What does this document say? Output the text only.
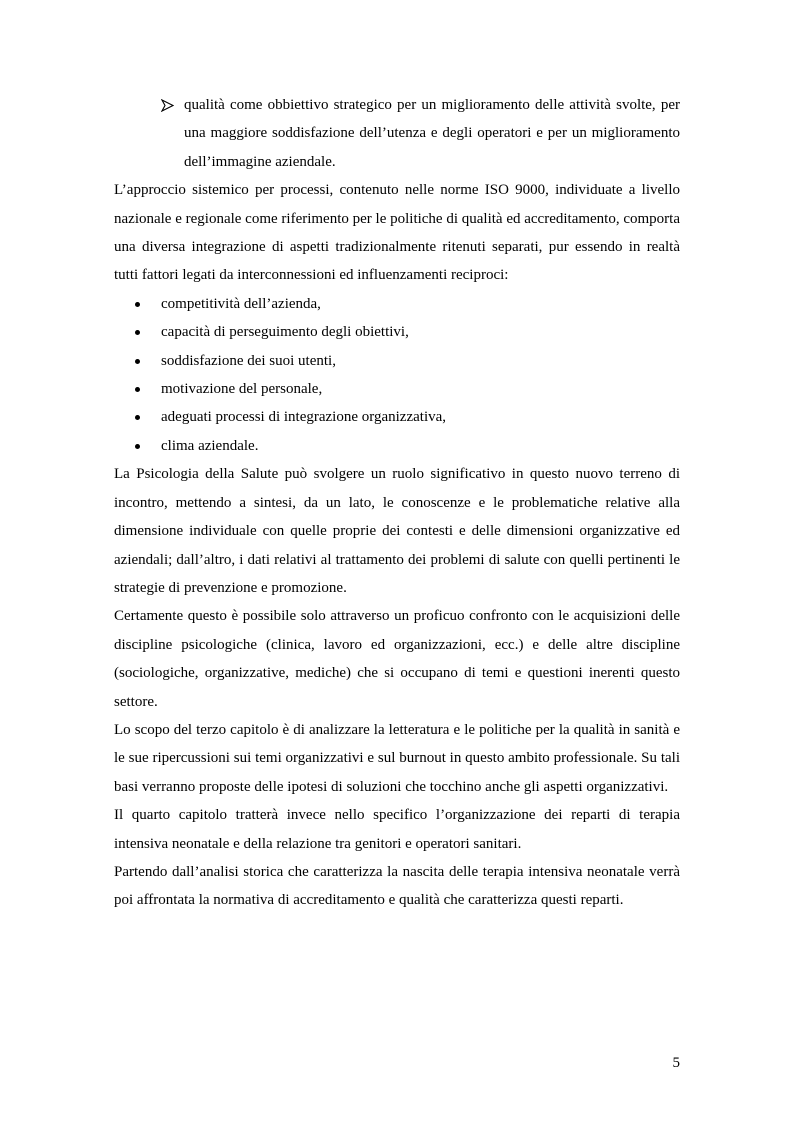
qualità come obbiettivo strategico per un miglioramento delle attività svolte, per una maggiore soddisfazione dell’utenza e degli operatori e per un miglioramento dell’immagine aziendale.

L’approccio sistemico per processi, contenuto nelle norme ISO 9000, individuate a livello nazionale e regionale come riferimento per le politiche di qualità ed accreditamento, comporta una diversa integrazione di aspetti tradizionalmente ritenuti separati, pur essendo in realtà tutti fattori legati da interconnessioni ed influenzamenti reciproci:

competitività dell’azienda,
capacità di perseguimento degli obiettivi,
soddisfazione dei suoi utenti,
motivazione del personale,
adeguati processi di integrazione organizzativa,
clima aziendale.

La Psicologia della Salute può svolgere un ruolo significativo in questo nuovo terreno di incontro, mettendo a sintesi, da un lato, le conoscenze e le problematiche relative alla dimensione individuale con quelle proprie dei contesti e delle dimensioni organizzative ed aziendali; dall’altro, i dati relativi al trattamento dei problemi di salute con quelli pertinenti le strategie di prevenzione e promozione.

Certamente questo è possibile solo attraverso un proficuo confronto con le acquisizioni delle discipline psicologiche (clinica, lavoro ed organizzazioni, ecc.) e delle altre discipline (sociologiche, organizzative, mediche) che si occupano di temi e questioni inerenti questo settore.

Lo scopo del terzo capitolo è di analizzare la letteratura e le politiche per la qualità in sanità e le sue ripercussioni sui temi organizzativi e sul burnout in questo ambito professionale. Su tali basi verranno proposte delle ipotesi di soluzioni che tocchino anche gli aspetti organizzativi.

Il quarto capitolo tratterà invece nello specifico l’organizzazione dei reparti di terapia intensiva neonatale e della relazione tra genitori e operatori sanitari.

Partendo dall’analisi storica che caratterizza la nascita delle terapia intensiva neonatale verrà poi affrontata la normativa di accreditamento e qualità che caratterizza questi reparti.

5
